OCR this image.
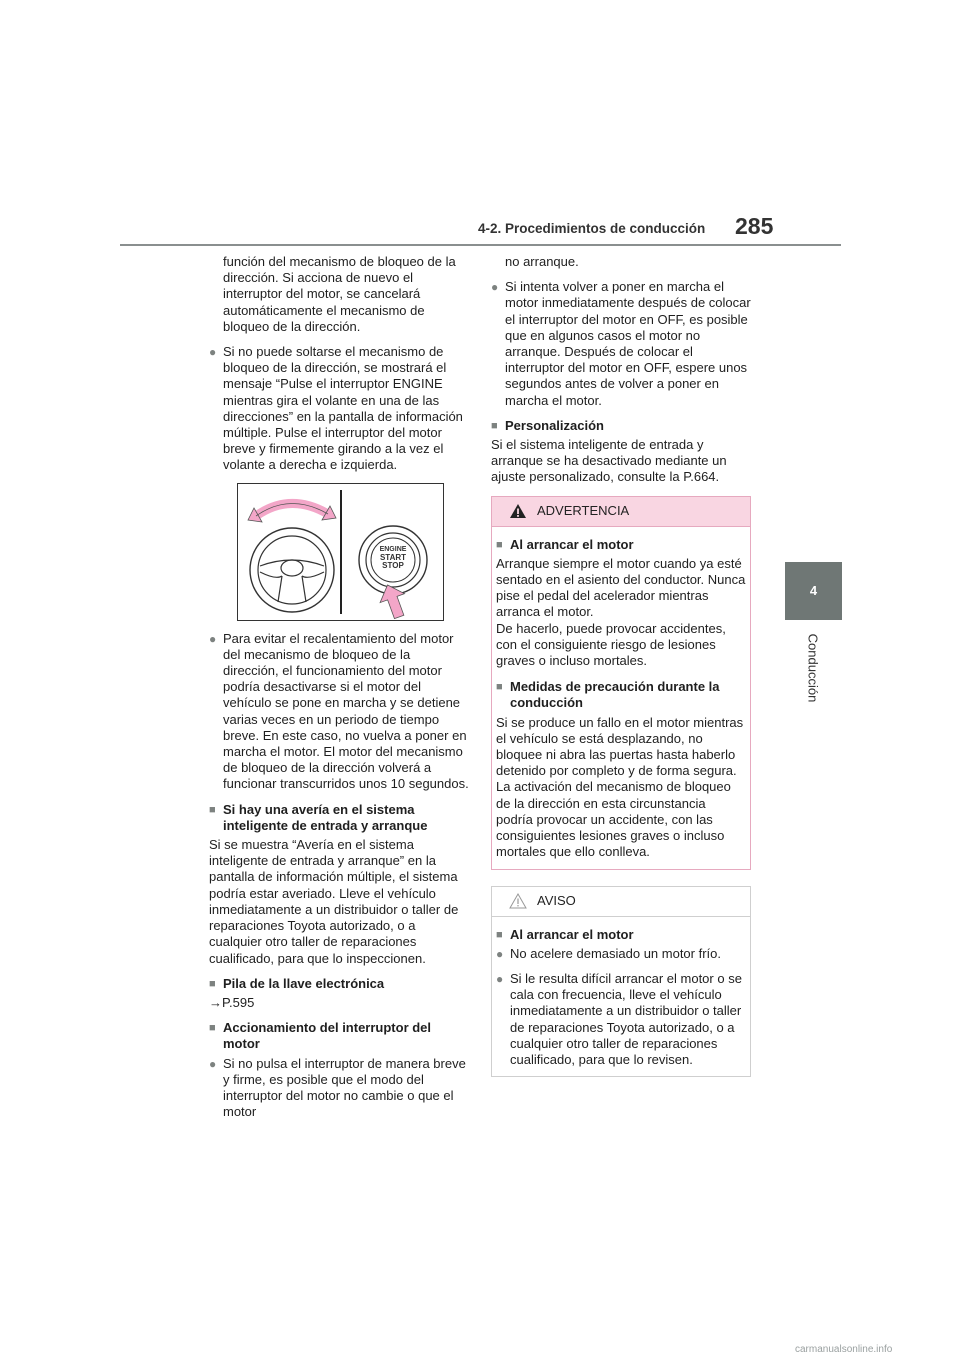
4-2. Procedimientos de conducción 285
4
Conducción

función del mecanismo de bloqueo de la dirección. Si acciona de nuevo el interruptor del motor, se cancelará automáticamente el mecanismo de bloqueo de la dirección.

● Si no puede soltarse el mecanismo de bloqueo de la dirección, se mostrará el mensaje “Pulse el interruptor ENGINE mientras gira el volante en una de las direcciones” en la pantalla de información múltiple. Pulse el interruptor del motor breve y firmemente girando a la vez el volante a derecha e izquierda.
ENGINE
START
STOP
● Para evitar el recalentamiento del motor del mecanismo de bloqueo de la dirección, el funcionamiento del motor podría desactivarse si el motor del vehículo se pone en marcha y se detiene varias veces en un periodo de tiempo breve. En este caso, no vuelva a poner en marcha el motor. El motor del mecanismo de bloqueo de la dirección volverá a funcionar transcurridos unos 10 segundos.
■ Si hay una avería en el sistema inteligente de entrada y arranque

Si se muestra “Avería en el sistema inteligente de entrada y arranque” en la pantalla de información múltiple, el sistema podría estar averiado. Lleve el vehículo inmediatamente a un distribuidor o taller de reparaciones Toyota autorizado, o a cualquier otro taller de reparaciones cualificado, para que lo inspeccionen.

■ Pila de la llave electrónica

→P.595

■ Accionamiento del interruptor del motor
● Si no pulsa el interruptor de manera breve y firme, es posible que el modo del interruptor del motor no cambie o que el motor

no arranque.

● Si intenta volver a poner en marcha el motor inmediatamente después de colocar el interruptor del motor en OFF, es posible que en algunos casos el motor no arranque. Después de colocar el interruptor del motor en OFF, espere unos segundos antes de volver a poner en marcha el motor.
■ Personalización

Si el sistema inteligente de entrada y arranque se ha desactivado mediante un ajuste personalizado, consulte la P.664.

ADVERTENCIA
■ Al arrancar el motor

Arranque siempre el motor cuando ya esté sentado en el asiento del conductor. Nunca pise el pedal del acelerador mientras arranca el motor.

De hacerlo, puede provocar accidentes, con el consiguiente riesgo de lesiones graves o incluso mortales.

■ Medidas de precaución durante la conducción

Si se produce un fallo en el motor mientras el vehículo se está desplazando, no bloquee ni abra las puertas hasta haberlo detenido por completo y de forma segura. La activación del mecanismo de bloqueo de la dirección en esta circunstancia podría provocar un accidente, con las consiguientes lesiones graves o incluso mortales que ello conlleva.

AVISO
■ Al arrancar el motor
● No acelere demasiado un motor frío.
● Si le resulta difícil arrancar el motor o se cala con frecuencia, lleve el vehículo inmediatamente a un distribuidor o taller de reparaciones Toyota autorizado, o a cualquier otro taller de reparaciones cualificado, para que lo revisen.
carmanualsonline.info
